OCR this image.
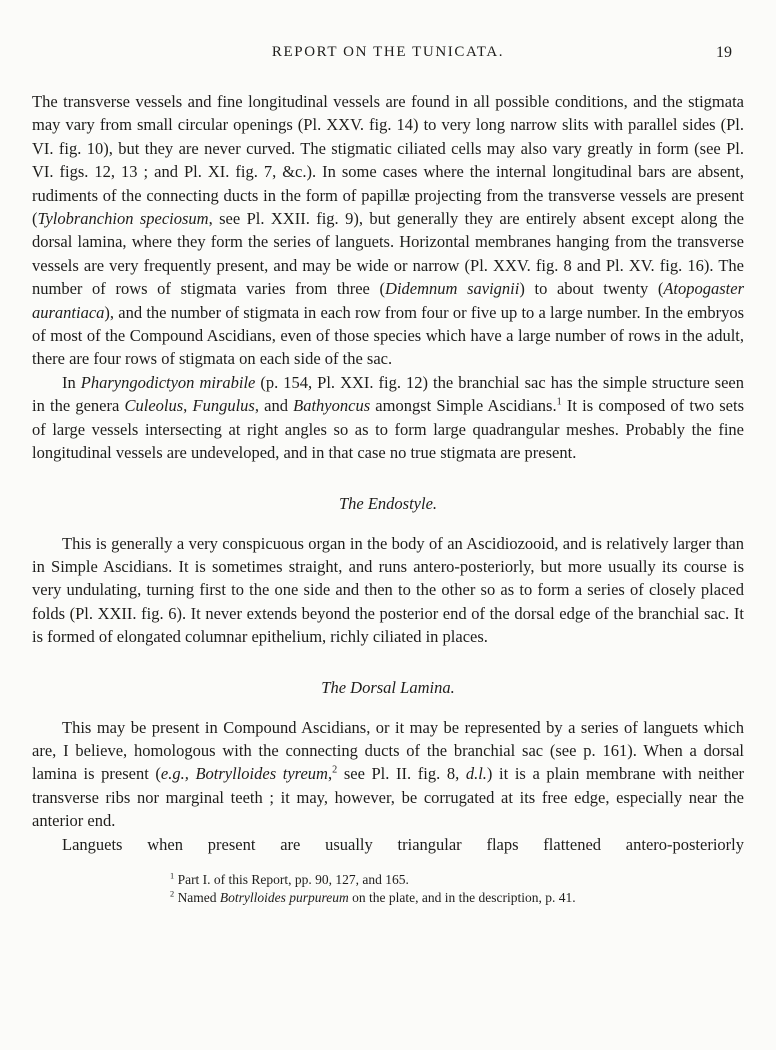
REPORT ON THE TUNICATA.	19

The transverse vessels and fine longitudinal vessels are found in all possible conditions, and the stigmata may vary from small circular openings (Pl. XXV. fig. 14) to very long narrow slits with parallel sides (Pl. VI. fig. 10), but they are never curved. The stigmatic ciliated cells may also vary greatly in form (see Pl. VI. figs. 12, 13 ; and Pl. XI. fig. 7, &c.). In some cases where the internal longitudinal bars are absent, rudiments of the connecting ducts in the form of papillæ projecting from the transverse vessels are present (Tylobranchion speciosum, see Pl. XXII. fig. 9), but generally they are entirely absent except along the dorsal lamina, where they form the series of languets. Horizontal membranes hanging from the transverse vessels are very frequently present, and may be wide or narrow (Pl. XXV. fig. 8 and Pl. XV. fig. 16). The number of rows of stigmata varies from three (Didemnum savignii) to about twenty (Atopogaster aurantiaca), and the number of stigmata in each row from four or five up to a large number. In the embryos of most of the Compound Ascidians, even of those species which have a large number of rows in the adult, there are four rows of stigmata on each side of the sac.

In Pharyngodictyon mirabile (p. 154, Pl. XXI. fig. 12) the branchial sac has the simple structure seen in the genera Culeolus, Fungulus, and Bathyoncus amongst Simple Ascidians.$^1$ It is composed of two sets of large vessels intersecting at right angles so as to form large quadrangular meshes. Probably the fine longitudinal vessels are undeveloped, and in that case no true stigmata are present.

The Endostyle.

This is generally a very conspicuous organ in the body of an Ascidiozooid, and is relatively larger than in Simple Ascidians. It is sometimes straight, and runs antero-posteriorly, but more usually its course is very undulating, turning first to the one side and then to the other so as to form a series of closely placed folds (Pl. XXII. fig. 6). It never extends beyond the posterior end of the dorsal edge of the branchial sac. It is formed of elongated columnar epithelium, richly ciliated in places.

The Dorsal Lamina.

This may be present in Compound Ascidians, or it may be represented by a series of languets which are, I believe, homologous with the connecting ducts of the branchial sac (see p. 161). When a dorsal lamina is present (e.g., Botrylloides tyreum,$^2$ see Pl. II. fig. 8, d.l.) it is a plain membrane with neither transverse ribs nor marginal teeth ; it may, however, be corrugated at its free edge, especially near the anterior end.

Languets when present are usually triangular flaps flattened antero-posteriorly

$^1$ Part I. of this Report, pp. 90, 127, and 165.
$^2$ Named Botrylloides purpureum on the plate, and in the description, p. 41.
